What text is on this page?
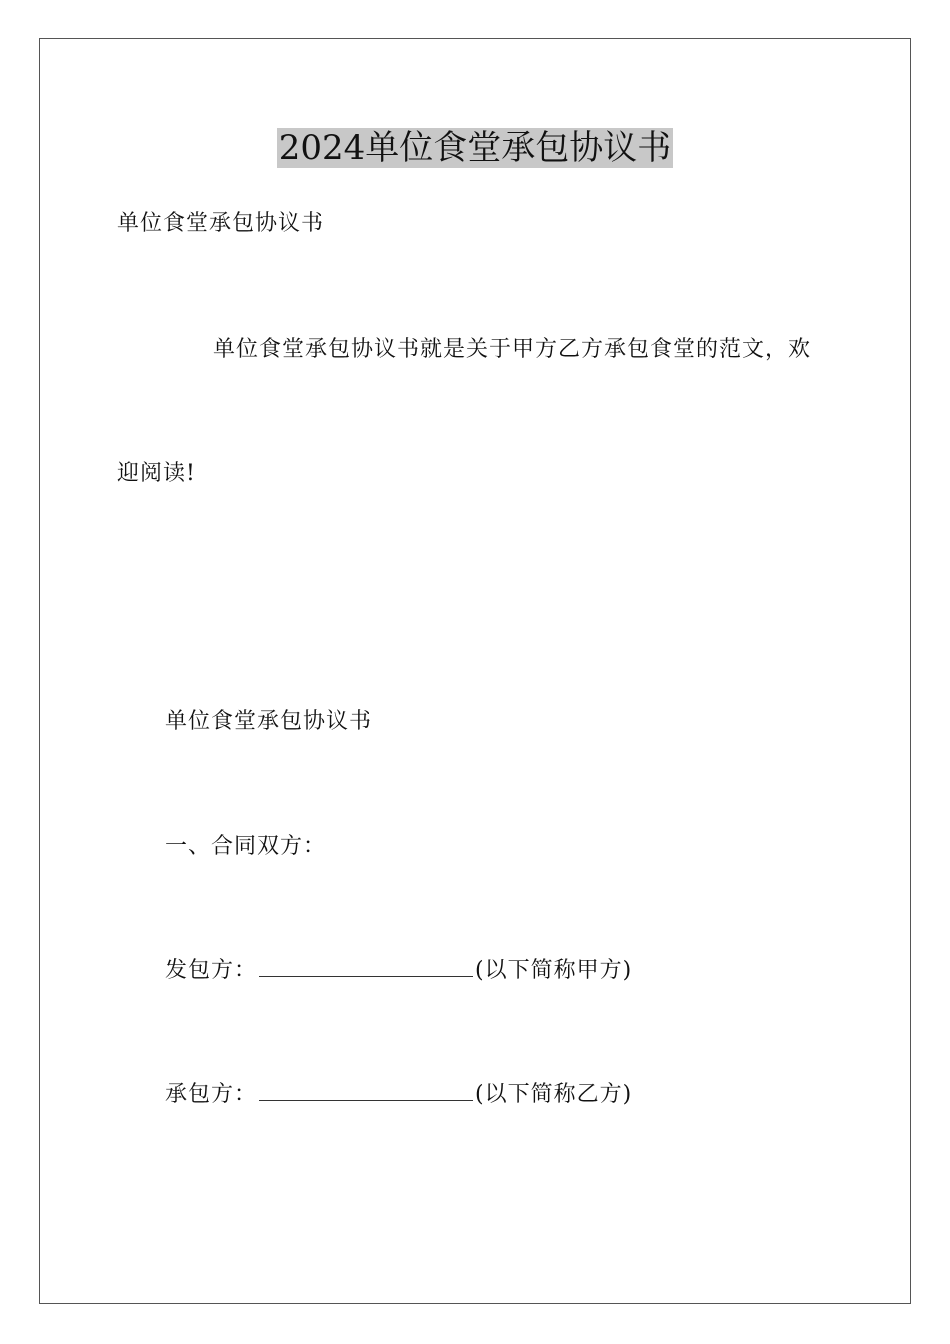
2024单位食堂承包协议书
单位食堂承包协议书
单位食堂承包协议书就是关于甲方乙方承包食堂的范文，欢
迎阅读!
单位食堂承包协议书
一、合同双方：
发包方：	(以下简称甲方)
承包方：	(以下简称乙方)
